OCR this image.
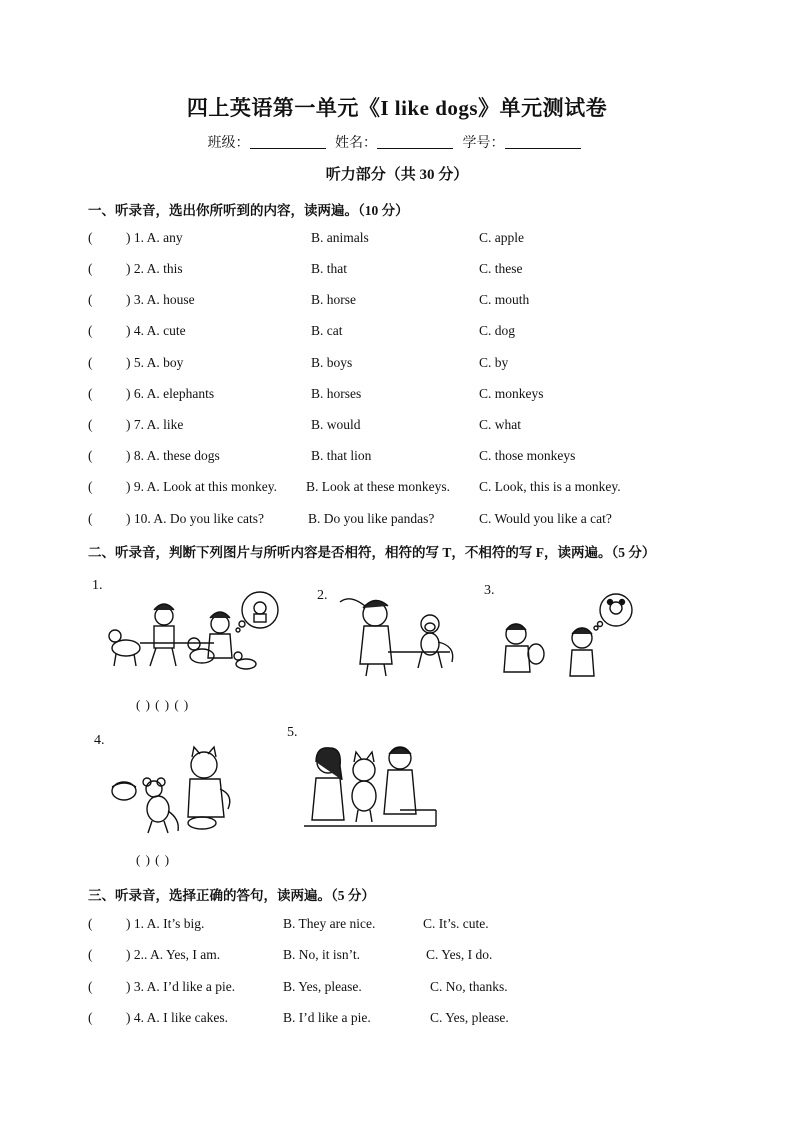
四上英语第一单元《I like dogs》单元测试卷
班级：	姓名：	学号：
听力部分（共 30 分）
一、听录音，选出你所听到的内容，读两遍。（10 分）
( ) 1. A. any	B. animals	C. apple
( ) 2. A. this	B. that	C. these
( ) 3. A. house	B. horse	C. mouth
( ) 4. A. cute	B. cat	C. dog
( ) 5. A. boy	B. boys	C. by
( ) 6. A. elephants	B. horses	C. monkeys
( ) 7. A. like	B. would	C. what
( ) 8. A. these dogs	B. that lion	C. those monkeys
( ) 9. A. Look at this monkey. B. Look at these monkeys. C. Look, this is a monkey.
( ) 10. A. Do you like cats?	B. Do you like pandas?	C. Would you like a cat?
二、听录音，判断下列图片与所听内容是否相符，相符的写 T，不相符的写 F，读两遍。（5 分）
1.
( ) ( ) ( )
2.	3.
4.
( ) ( )
5.
三、听录音，选择正确的答句，读两遍。（5 分）
( ) 1. A. It’s big.	B. They are nice.	C. It’s. cute.
( ) 2.. A. Yes, I am.	B. No, it isn’t.	C. Yes, I do.
( ) 3. A. I’d like a pie.	B. Yes, please.	C. No, thanks.
( ) 4. A. I like cakes.	B. I’d like a pie.	C. Yes, please.
